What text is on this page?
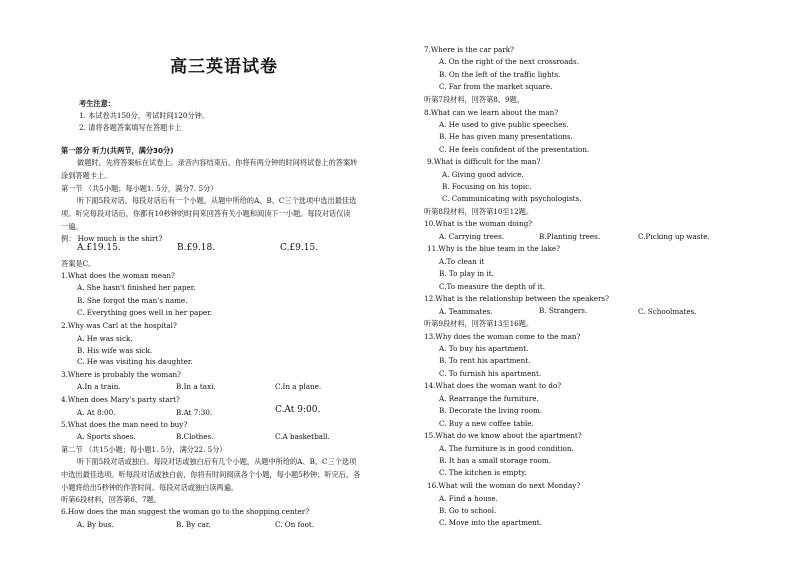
高三英语试卷
考生注意：
1. 本试卷共150分，考试时间120分钟。
2. 请将各题答案填写在答题卡上
第一部分 听力(共两节，满分30分)
做题时，先将答案标在试卷上。录音内容结束后，你将有两分钟的时间将试卷上的答案转
涂到答题卡上。
第一节 （共5小题；每小题1. 5分，满分7. 5分）
听下面5段对话。每段对话后有一个小题，从题中所给的A、B、C三个选项中选出最佳选
项。听完每段对话后，你都有10秒钟的时间来回答有关小题和阅读下一小题。每段对话仅读
一遍。
例： How much is the shirt?
A.£19.15.	B.£9.18.	C.£9.15.
答案是C。
1.What does the woman mean?
A. She hasn't finished her paper.
B. She forgot the man's name.
C. Everything goes well in her paper.
2.Why was Carl at the hospital?
A. He was sick.
B. His wife was sick.
C. He was visiting his daughter.
3.Where is probably the woman?
A.In a train.	B.In a taxi.	C.In a plane.
4.When does Mary's party start?
A. At 8:00.	B.At 7:30.	C.At 9:00.
5.What does the man need to buy?
A. Sports shoes.	B.Clothes.	C.A basketball.
第二节 （共15小题；每小题1. 5分，满分22. 5分）
听下面5段对话或独白。每段对话或独白后有几个小题，从题中所给的A、B、C三个选项
中选出最佳选项。听每段对话或独白前，你将有时间阅读各个小题，每小题5秒钟；听完后，各
小题将给出5秒钟的作答时间。每段对话或独白读两遍。
听第6段材料，回答第6、7题。
6.How does the man suggest the woman go to the shopping center?
A. By bus.	B. By car.	C. On foot.
7.Where is the car park?
A. On the right of the next crossroads.
B. On the left of the traffic lights.
C. Far from the market square.
听第7段材料，回答第8、9题。
8.What can we learn about the man?
A. He used to give public speeches.
B. He has given many presentations.
C. He feels confident of the presentation.
9.What is difficult for the man?
A. Giving good advice.
B. Focusing on his topic.
C. Communicating with psychologists.
听第8段材料，回答第10至12题。
10.What is the woman doing?
A. Carrying trees.	B.Planting trees.	C.Picking up waste.
11.Why is the blue team in the lake?
A.To clean it
B. To play in it.
C.To measure the depth of it.
12.What is the relationship between the speakers?
A. Teammates.	B. Strangers.	C. Schoolmates.
听第9段材料，回答第13至16题。
13.Why does the woman come to the man?
A. To buy his apartment.
B. To rent his apartment.
C. To furnish his apartment.
14.What does the woman want to do?
A. Rearrange the furniture.
B. Decorate the living room.
C. Buy a new coffee table.
15.What do we know about the apartment?
A. The furniture is in good condition.
B. It has a small storage room.
C. The kitchen is empty.
16.What will the woman do next Monday?
A. Find a house.
B. Go to school.
C. Move into the apartment.
